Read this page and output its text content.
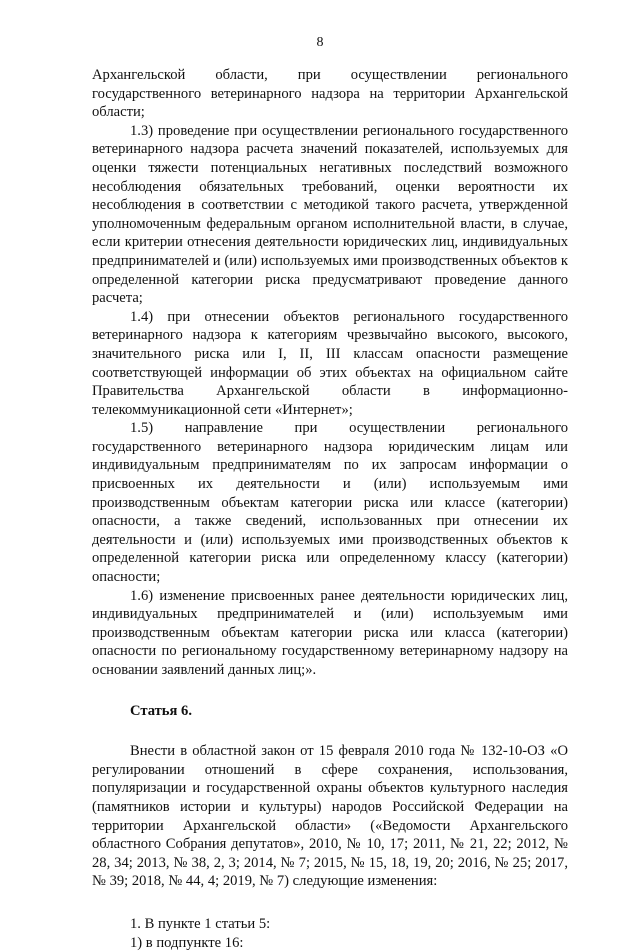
8

Архангельской области, при осуществлении регионального государственного ветеринарного надзора на территории Архангельской области;

1.3) проведение при осуществлении регионального государственного ветеринарного надзора расчета значений показателей, используемых для оценки тяжести потенциальных негативных последствий возможного несоблюдения обязательных требований, оценки вероятности их несоблюдения в соответствии с методикой такого расчета, утвержденной уполномоченным федеральным органом исполнительной власти, в случае, если критерии отнесения деятельности юридических лиц, индивидуальных предпринимателей и (или) используемых ими производственных объектов к определенной категории риска предусматривают проведение данного расчета;

1.4) при отнесении объектов регионального государственного ветеринарного надзора к категориям чрезвычайно высокого, высокого, значительного риска или I, II, III классам опасности размещение соответствующей информации об этих объектах на официальном сайте Правительства Архангельской области в информационно-телекоммуникационной сети «Интернет»;

1.5) направление при осуществлении регионального государственного ветеринарного надзора юридическим лицам или индивидуальным предпринимателям по их запросам информации о присвоенных их деятельности и (или) используемым ими производственным объектам категории риска или классе (категории) опасности, а также сведений, использованных при отнесении их деятельности и (или) используемых ими производственных объектов к определенной категории риска или определенному классу (категории) опасности;

1.6) изменение присвоенных ранее деятельности юридических лиц, индивидуальных предпринимателей и (или) используемым ими производственным объектам категории риска или класса (категории) опасности по региональному государственному ветеринарному надзору на основании заявлений данных лиц;».

Статья 6.

Внести в областной закон от 15 февраля 2010 года № 132-10-ОЗ «О регулировании отношений в сфере сохранения, использования, популяризации и государственной охраны объектов культурного наследия (памятников истории и культуры) народов Российской Федерации на территории Архангельской области» («Ведомости Архангельского областного Собрания депутатов», 2010, № 10, 17; 2011, № 21, 22; 2012, № 28, 34; 2013, № 38, 2, 3; 2014, № 7; 2015, № 15, 18, 19, 20; 2016, № 25; 2017, № 39; 2018, № 44, 4; 2019, № 7) следующие изменения:

1. В пункте 1 статьи 5:

1) в подпункте 16:
